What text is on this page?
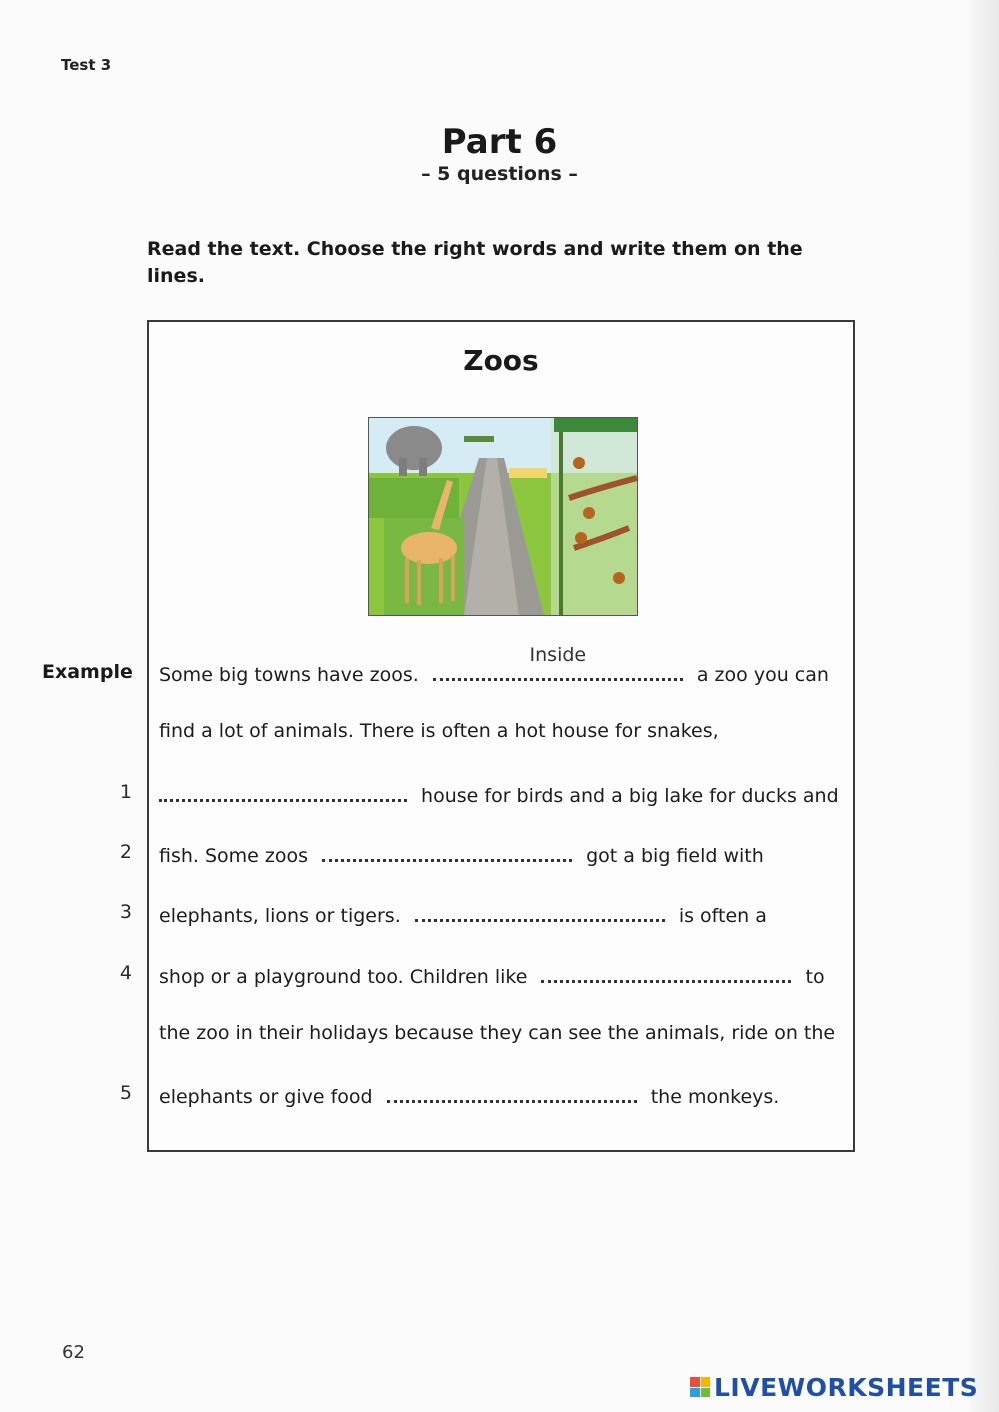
Test 3
Part 6
– 5 questions –
Read the text. Choose the right words and write them on the lines.
Example
Zoos
Some big towns have zoos.
Inside
a zoo you can
find a lot of animals. There is often a hot house for snakes,
1	house for birds and a big lake for ducks and
2 fish. Some zoos	got a big field with
3 elephants, lions or tigers.	is often a
4 shop or a playground too. Children like	to
the zoo in their holidays because they can see the animals, ride on the
5 elephants or give food	the monkeys.
62
LIVEWORKSHEETS
